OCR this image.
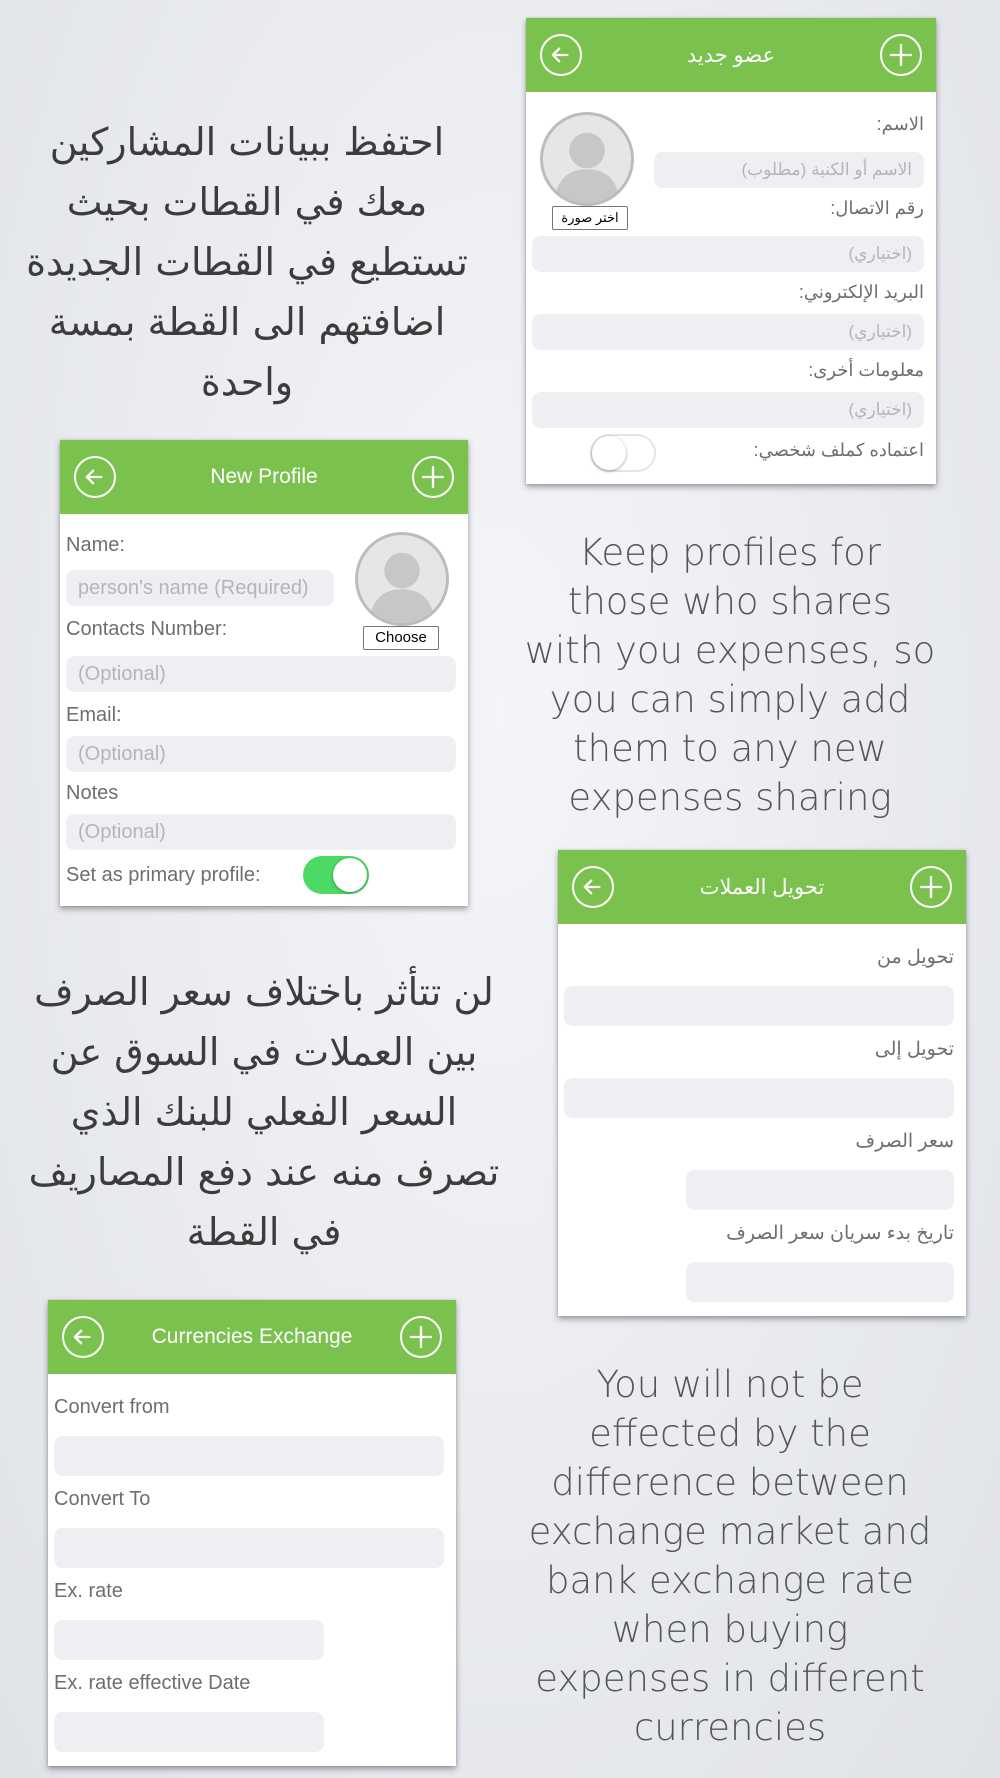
احتفظ ببيانات المشاركين معك في القطات بحيث تستطيع في القطات الجديدة اضافتهم الى القطة بمسة واحدة
عضو جديد
اختر صورة
الاسم:
الاسم أو الكنية (مطلوب)
رقم الاتصال:
(اختياري)
البريد الإلكتروني:
(اختياري)
معلومات أخرى:
(اختياري)
اعتماده كملف شخصي:
New Profile
Name:
person's name (Required)
Choose
Contacts Number:
(Optional)
Email:
(Optional)
Notes
(Optional)
Set as primary profile:
Keep profiles for those who shares with you expenses, so you can simply add them to any new expenses sharing
لن تتأثر باختلاف سعر الصرف بين العملات في السوق عن السعر الفعلي للبنك الذي تصرف منه عند دفع المصاريف في القطة
تحويل العملات
تحويل من
تحويل إلى
سعر الصرف
تاريخ بدء سريان سعر الصرف
Currencies Exchange
Convert from
Convert To
Ex. rate
Ex. rate effective Date
You will not be effected by the difference between exchange market and bank exchange rate when buying expenses in different currencies
